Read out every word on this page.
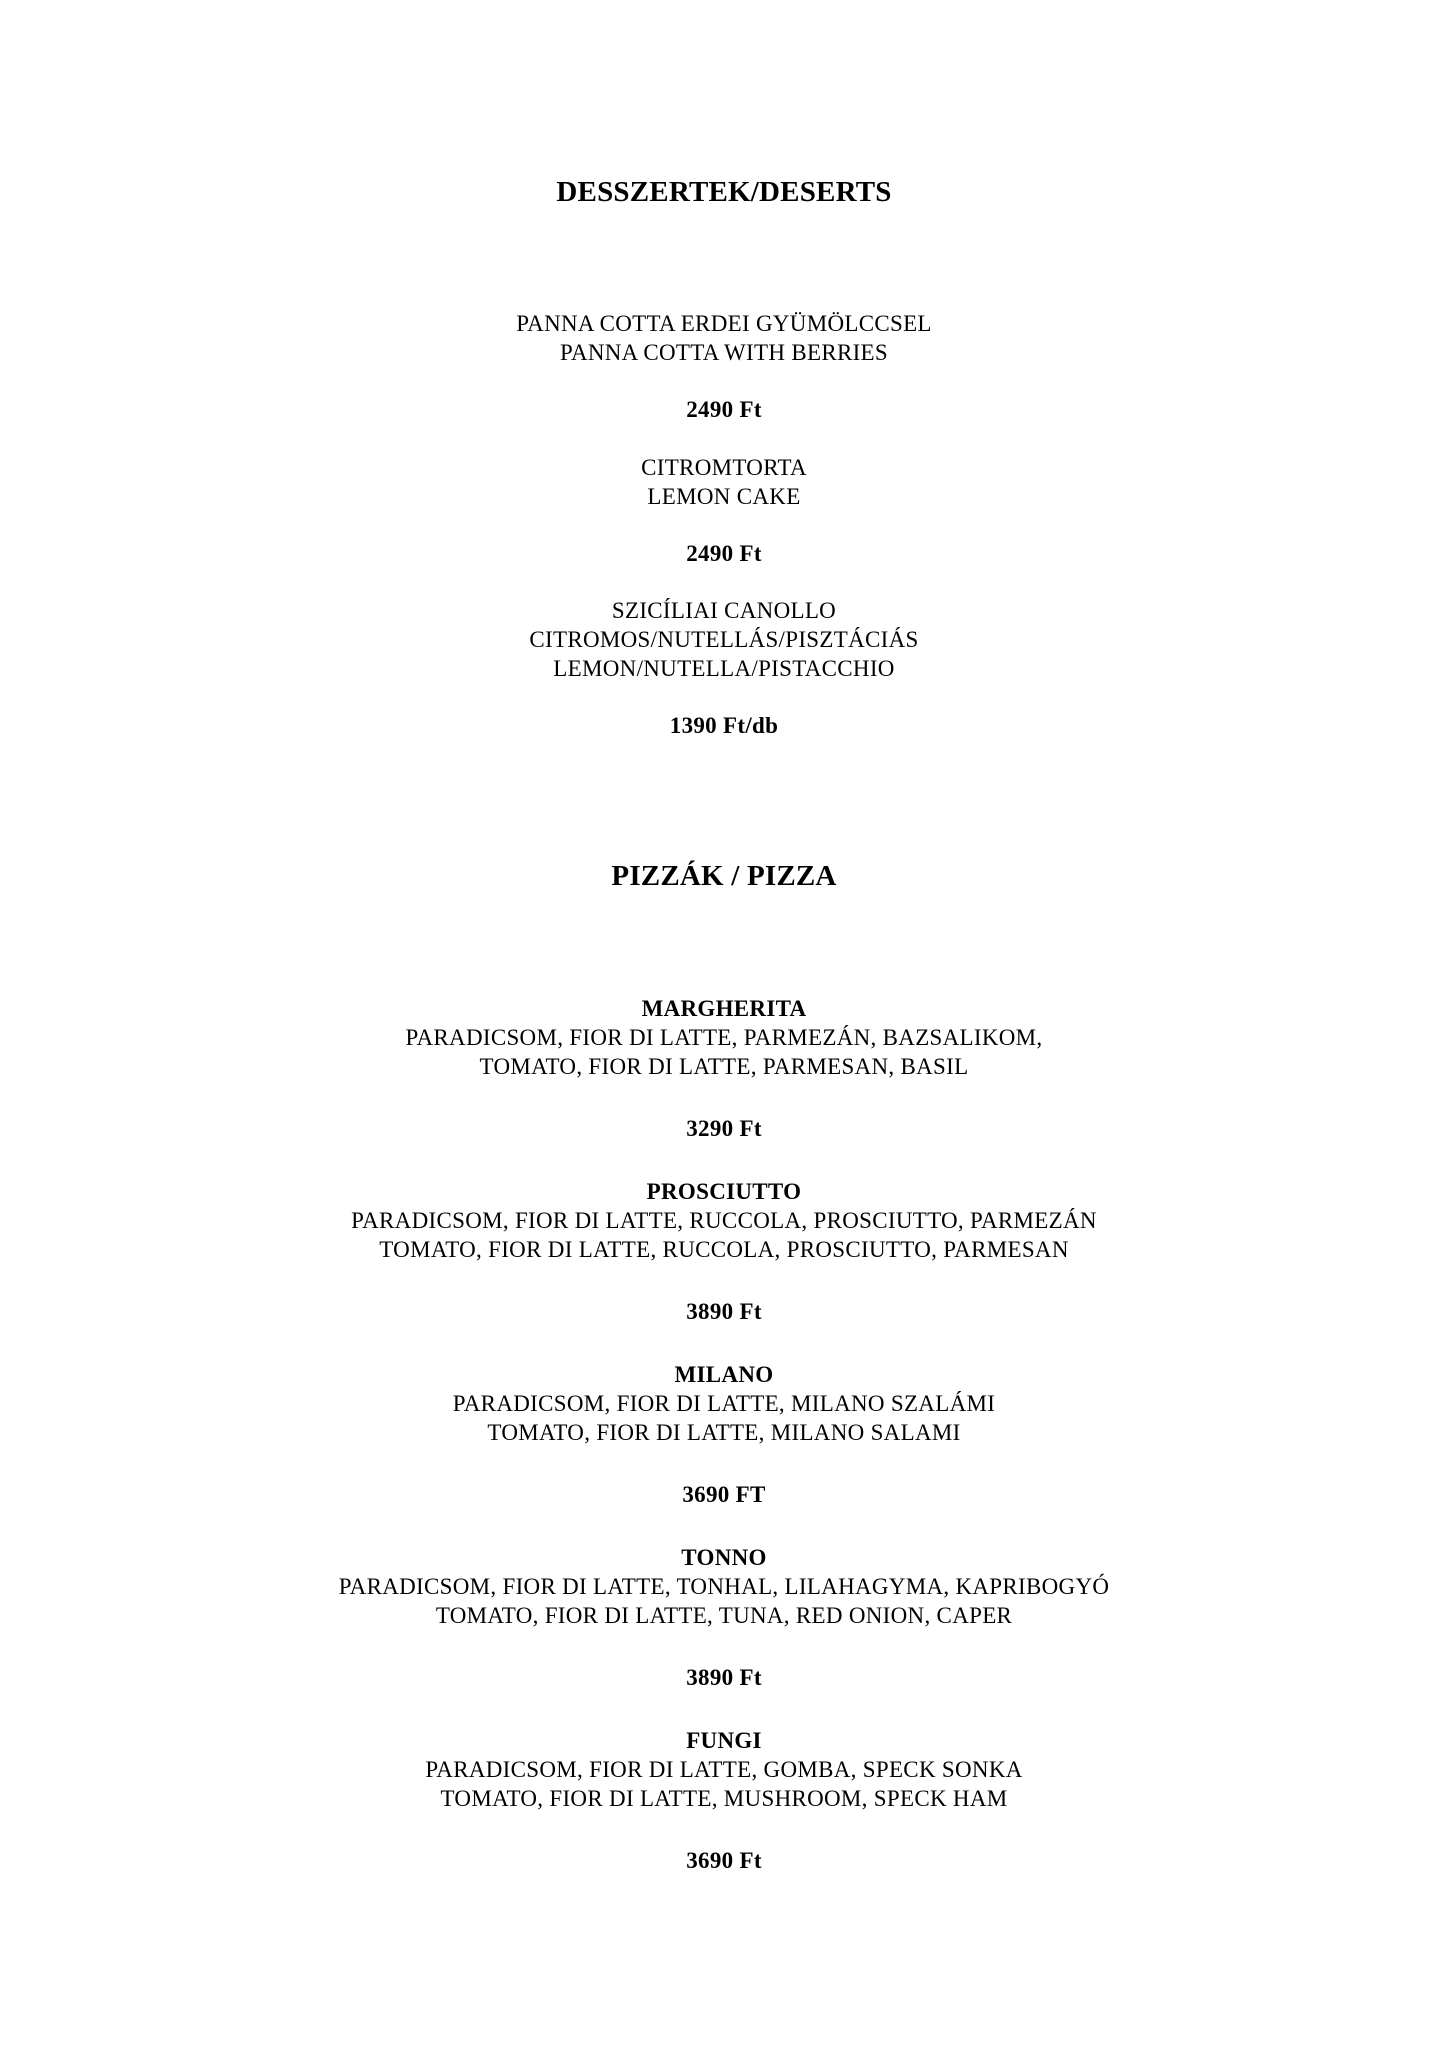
DESSZERTEK/DESERTS
PANNA COTTA ERDEI GYÜMÖLCCSEL
PANNA COTTA WITH BERRIES
2490 Ft
CITROMTORTA
LEMON CAKE
2490 Ft
SZICÍLIAI CANOLLO
CITROMOS/NUTELLÁS/PISZTÁCIÁS
LEMON/NUTELLA/PISTACCHIO
1390 Ft/db
PIZZÁK / PIZZA
MARGHERITA
PARADICSOM, FIOR DI LATTE, PARMEZÁN, BAZSALIKOM,
TOMATO, FIOR DI LATTE, PARMESAN, BASIL
3290 Ft
PROSCIUTTO
PARADICSOM, FIOR DI LATTE, RUCCOLA, PROSCIUTTO, PARMEZÁN
TOMATO, FIOR DI LATTE, RUCCOLA, PROSCIUTTO, PARMESAN
3890 Ft
MILANO
PARADICSOM, FIOR DI LATTE, MILANO SZALÁMI
TOMATO, FIOR DI LATTE, MILANO SALAMI
3690 FT
TONNO
PARADICSOM, FIOR DI LATTE, TONHAL, LILAHAGYMA, KAPRIBOGYÓ
TOMATO, FIOR DI LATTE, TUNA, RED ONION, CAPER
3890 Ft
FUNGI
PARADICSOM, FIOR DI LATTE, GOMBA, SPECK SONKA
TOMATO, FIOR DI LATTE, MUSHROOM, SPECK HAM
3690 Ft
